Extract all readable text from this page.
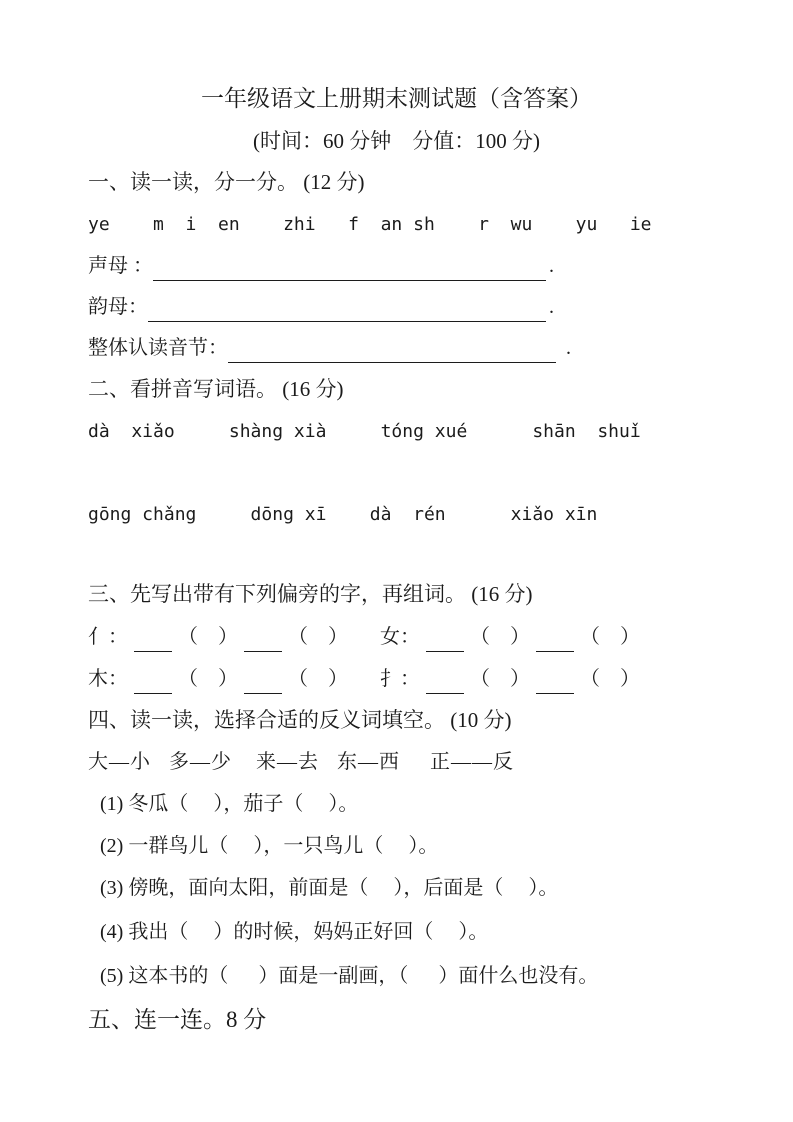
一年级语文上册期末测试题（含答案）
(时间：60 分钟    分值：100 分)
一、读一读，分一分。 (12 分)
ye    m  i  en    zhi   f  an sh    r  wu    yu   ie
声母 ：	.
韵母：	.
整体认读音节：	.
二、看拼音写词语。 (16 分)
dà  xiǎo     shàng xià     tóng xué      shān  shuǐ
gōng chǎng     dōng xī    dà  rén      xiǎo xīn
三、先写出带有下列偏旁的字，再组词。 (16 分)
亻：	（    ）	（    ） 女：	（    ）	（    ）
木：	（    ）	（    ） 扌：	（    ）	（    ）
四、读一读，选择合适的反义词填空。 (10 分)
大—小   多—少    来—去   东—西     正——反
(1) 冬瓜（     ），茄子（     ）。
(2) 一群鸟儿（     ），一只鸟儿（     ）。
(3) 傍晚，面向太阳，前面是（     ），后面是（     ）。
(4) 我出（     ）的时候，妈妈正好回（     ）。
(5) 这本书的（      ）面是一副画，（      ）面什么也没有。
五、连一连。8 分
